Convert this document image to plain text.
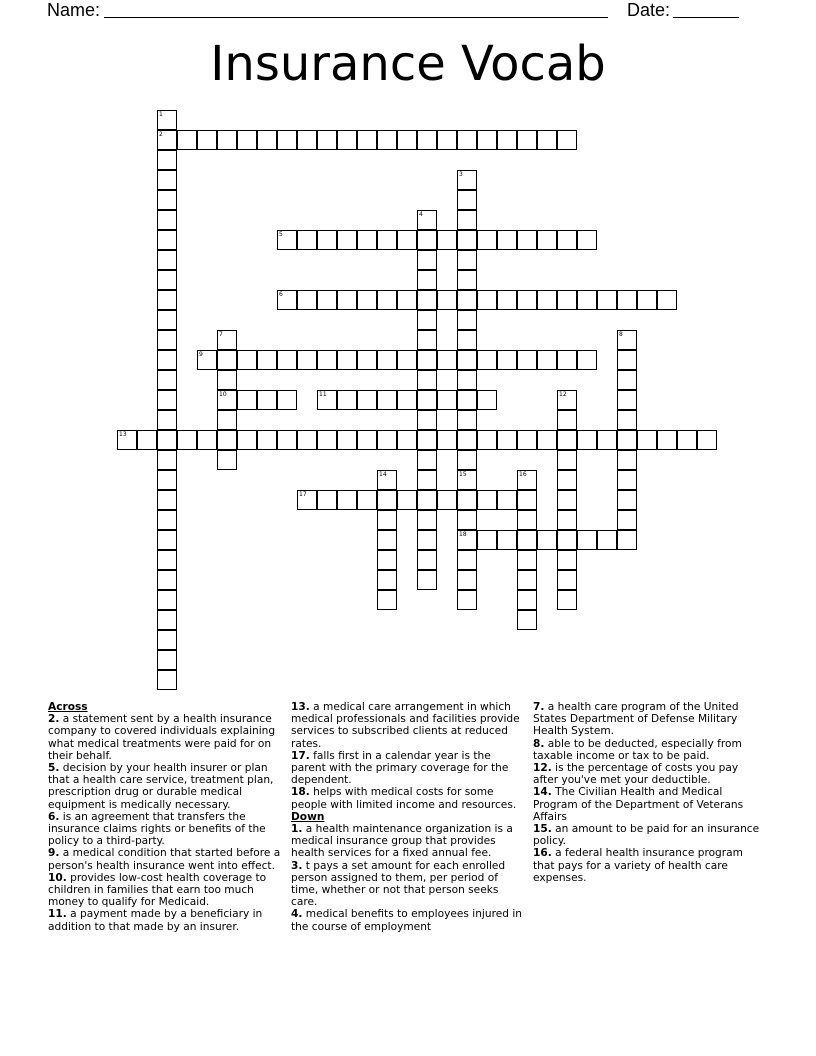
Name:	Date:
Insurance Vocab
1
2
3
15
18
4
5
6
7
10
8
9
11	12
13
14	16
17
Across
2. a statement sent by a health insurance company to covered individuals explaining what medical treatments were paid for on their behalf.
5. decision by your health insurer or plan that a health care service, treatment plan, prescription drug or durable medical equipment is medically necessary.
6. is an agreement that transfers the insurance claims rights or benefits of the policy to a third-party.
9. a medical condition that started before a person's health insurance went into effect.
10. provides low-cost health coverage to children in families that earn too much money to qualify for Medicaid.
11. a payment made by a beneficiary in addition to that made by an insurer.
13. a medical care arrangement in which medical professionals and facilities provide services to subscribed clients at reduced rates.
17. falls first in a calendar year is the parent with the primary coverage for the dependent.
18. helps with medical costs for some people with limited income and resources.
Down
1. a health maintenance organization is a medical insurance group that provides health services for a fixed annual fee.
3. t pays a set amount for each enrolled person assigned to them, per period of time, whether or not that person seeks care.
4. medical benefits to employees injured in the course of employment
7. a health care program of the United States Department of Defense Military Health System.
8. able to be deducted, especially from taxable income or tax to be paid.
12. is the percentage of costs you pay after you've met your deductible.
14. The Civilian Health and Medical Program of the Department of Veterans Affairs
15. an amount to be paid for an insurance policy.
16. a federal health insurance program that pays for a variety of health care expenses.
